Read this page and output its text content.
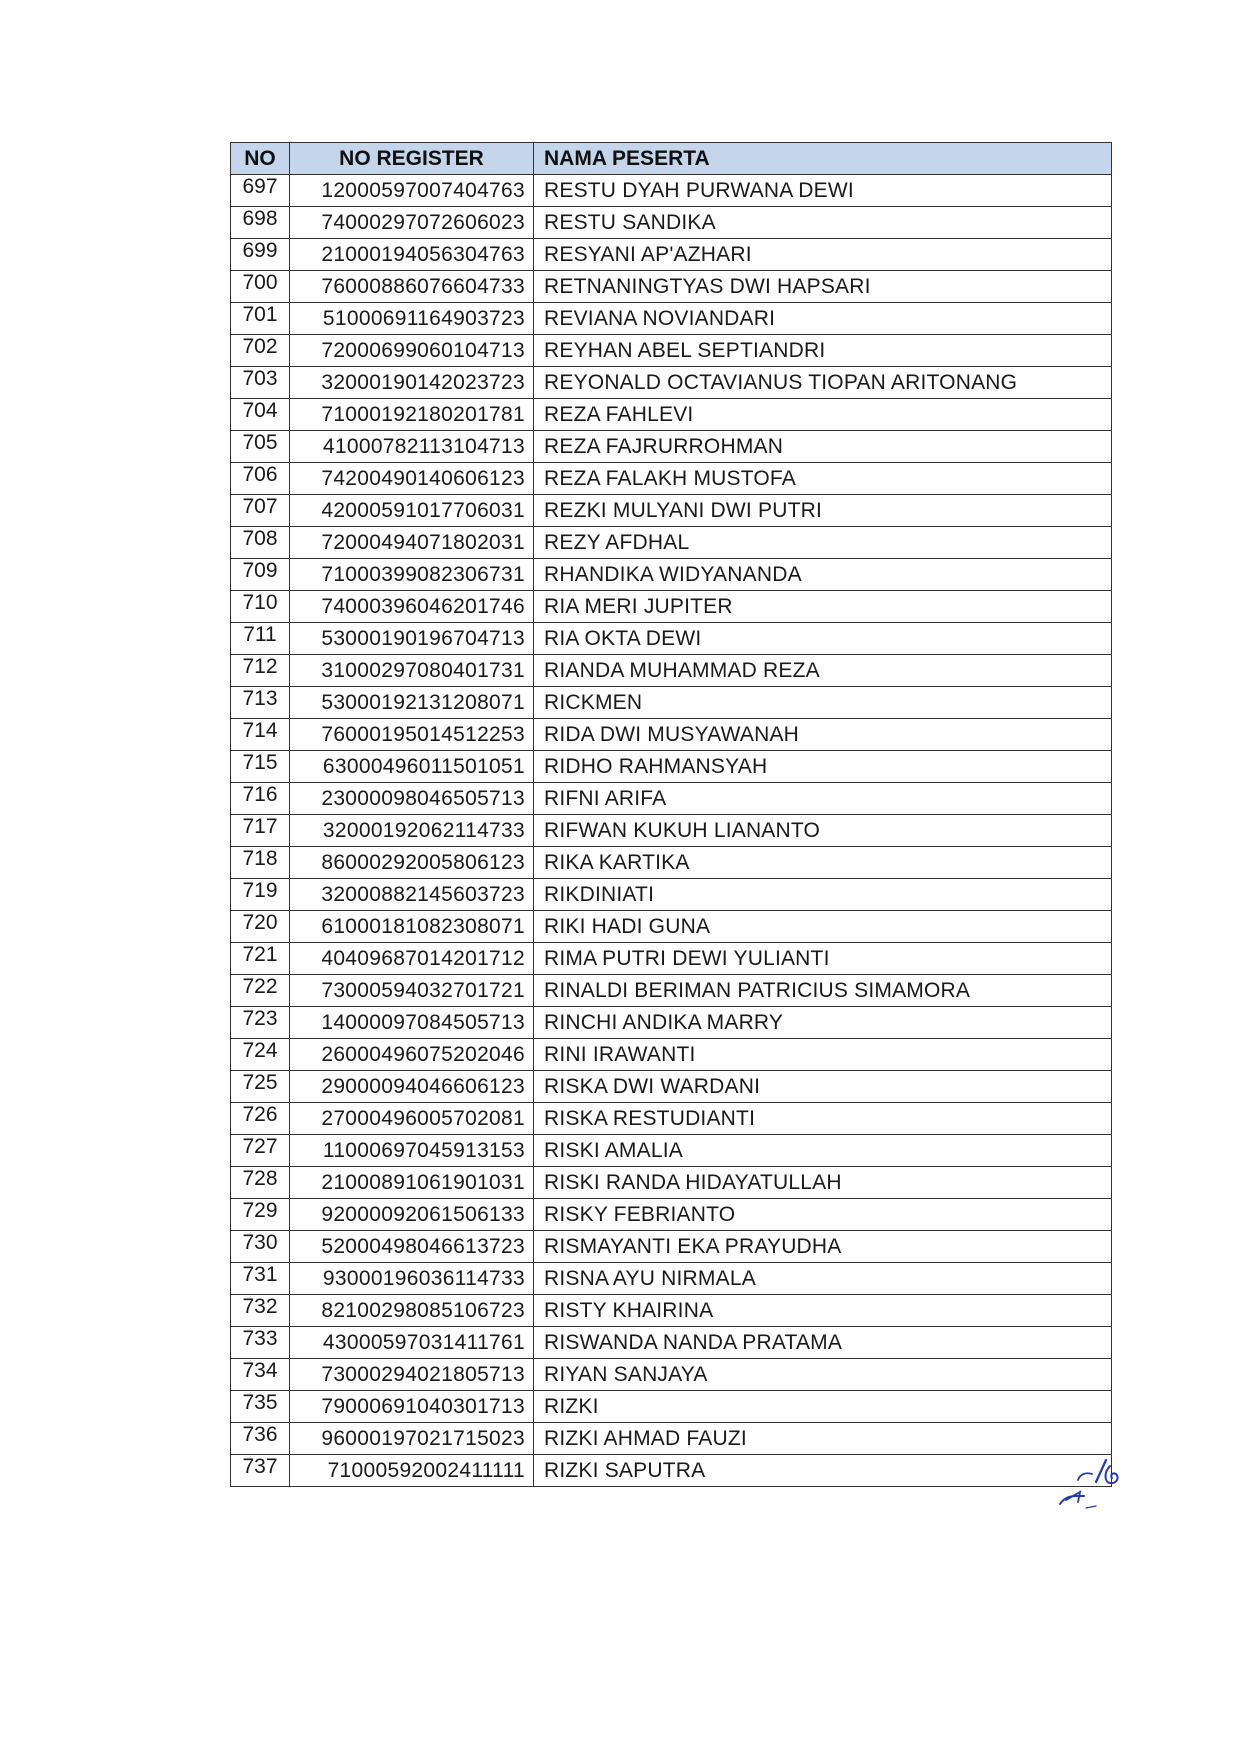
NO	NO REGISTER	NAMA PESERTA
697	12000597007404763	RESTU DYAH PURWANA DEWI
698	74000297072606023	RESTU SANDIKA
699	21000194056304763	RESYANI AP'AZHARI
700	76000886076604733	RETNANINGTYAS DWI HAPSARI
701	51000691164903723	REVIANA NOVIANDARI
702	72000699060104713	REYHAN ABEL SEPTIANDRI
703	32000190142023723	REYONALD OCTAVIANUS TIOPAN ARITONANG
704	71000192180201781	REZA FAHLEVI
705	41000782113104713	REZA FAJRURROHMAN
706	74200490140606123	REZA FALAKH MUSTOFA
707	42000591017706031	REZKI MULYANI DWI PUTRI
708	72000494071802031	REZY AFDHAL
709	71000399082306731	RHANDIKA WIDYANANDA
710	74000396046201746	RIA MERI JUPITER
711	53000190196704713	RIA OKTA DEWI
712	31000297080401731	RIANDA MUHAMMAD REZA
713	53000192131208071	RICKMEN
714	76000195014512253	RIDA DWI MUSYAWANAH
715	63000496011501051	RIDHO RAHMANSYAH
716	23000098046505713	RIFNI ARIFA
717	32000192062114733	RIFWAN KUKUH LIANANTO
718	86000292005806123	RIKA KARTIKA
719	32000882145603723	RIKDINIATI
720	61000181082308071	RIKI HADI GUNA
721	40409687014201712	RIMA PUTRI DEWI YULIANTI
722	73000594032701721	RINALDI BERIMAN PATRICIUS SIMAMORA
723	14000097084505713	RINCHI ANDIKA MARRY
724	26000496075202046	RINI IRAWANTI
725	29000094046606123	RISKA DWI WARDANI
726	27000496005702081	RISKA RESTUDIANTI
727	11000697045913153	RISKI AMALIA
728	21000891061901031	RISKI RANDA HIDAYATULLAH
729	92000092061506133	RISKY FEBRIANTO
730	52000498046613723	RISMAYANTI EKA PRAYUDHA
731	93000196036114733	RISNA AYU NIRMALA
732	82100298085106723	RISTY KHAIRINA
733	43000597031411761	RISWANDA NANDA PRATAMA
734	73000294021805713	RIYAN SANJAYA
735	79000691040301713	RIZKI
736	96000197021715023	RIZKI AHMAD FAUZI
737	71000592002411111	RIZKI SAPUTRA
